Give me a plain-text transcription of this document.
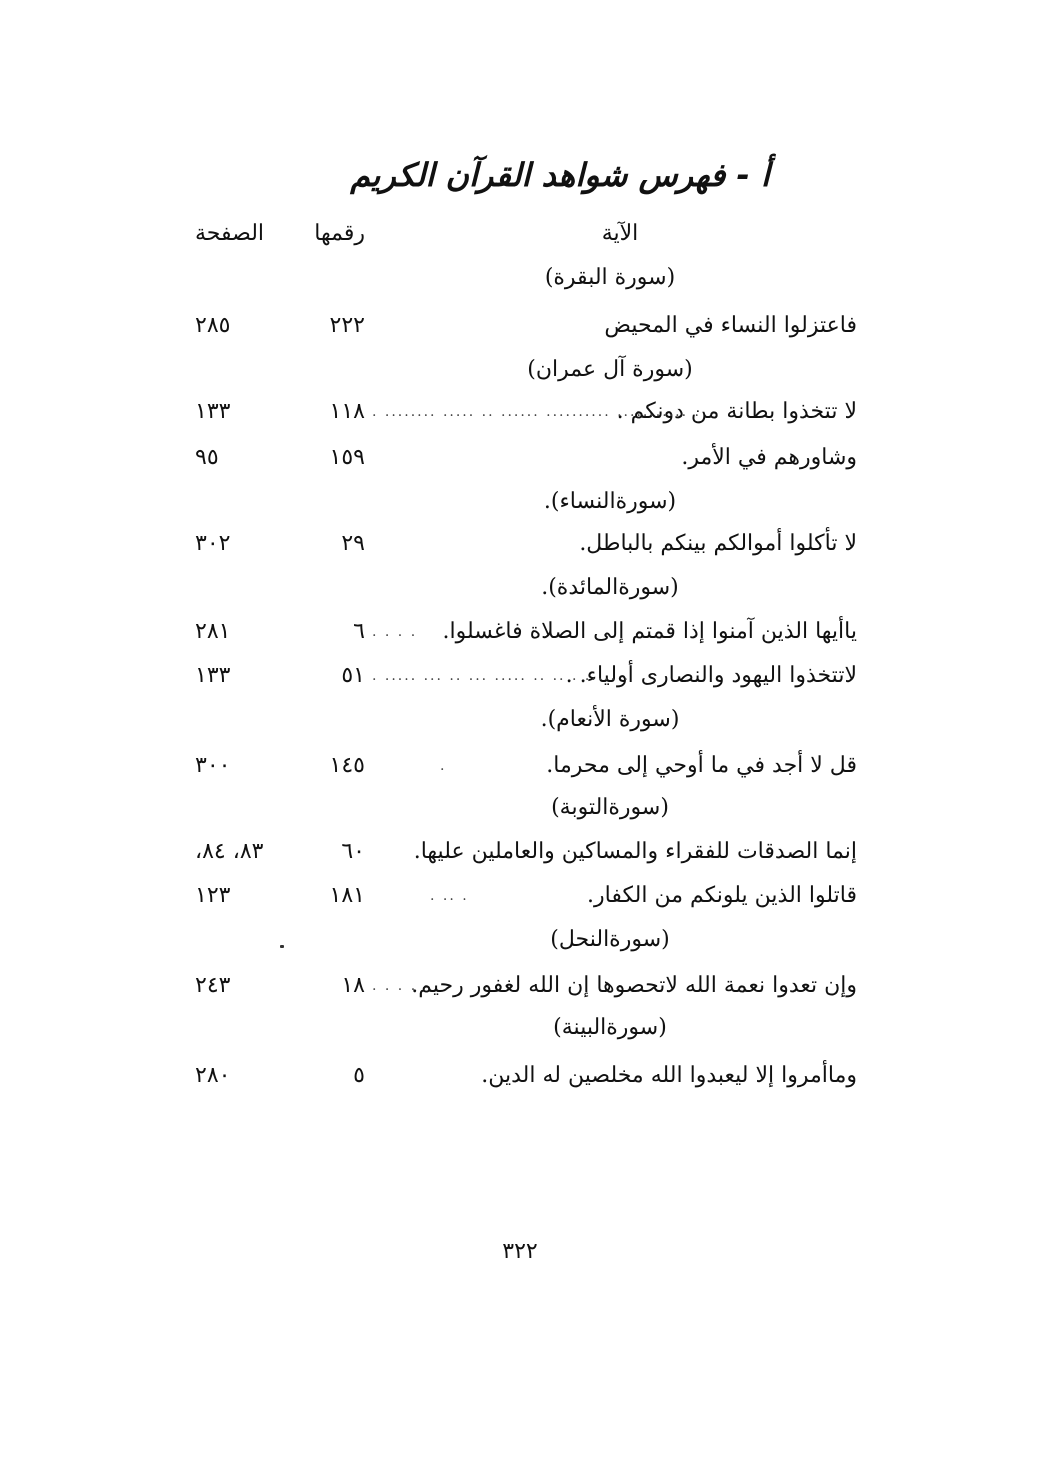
أ - فهرس شواهد القرآن الكريم
الآية
رقمها
الصفحة
(سورة البقرة)
فاعتزلوا النساء في المحيض
٢٢٢
٢٨٥
(سورة آل عمران)
لا تتخذوا بطانة من دونكم .
. ........ ..... .. ...... .......... ........... .
١١٨
١٣٣
وشاورهم في الأمر.
١٥٩
٩٥
(سورةالنساء).
لا تأكلوا أموالكم بينكم بالباطل.
٢٩
٣٠٢
(سورةالمائدة).
ياأيها الذين آمنوا إذا قمتم إلى الصلاة فاغسلوا.
. . . .
٦
٢٨١
لاتتخذوا اليهود والنصارى أولياء. .
. ..... ... .. ... ..... .. .. . ..... .
٥١
١٣٣
(سورة الأنعام).
قل لا أجد في ما أوحي إلى محرما.
.
١٤٥
٣٠٠
(سورةالتوبة)
إنما الصدقات للفقراء والمساكين والعاملين عليها.
٦٠
٨٣، ٨٤،
قاتلوا الذين يلونكم من الكفار.
. .. .
١٨١
١٢٣
(سورةالنحل)
وإن تعدوا نعمة الله لاتحصوها إن الله لغفور رحيم.
. . . .
١٨
٢٤٣
(سورةالبينة)
وماأمروا إلا ليعبدوا الله مخلصين له الدين.
٥
٢٨٠
٣٢٢
